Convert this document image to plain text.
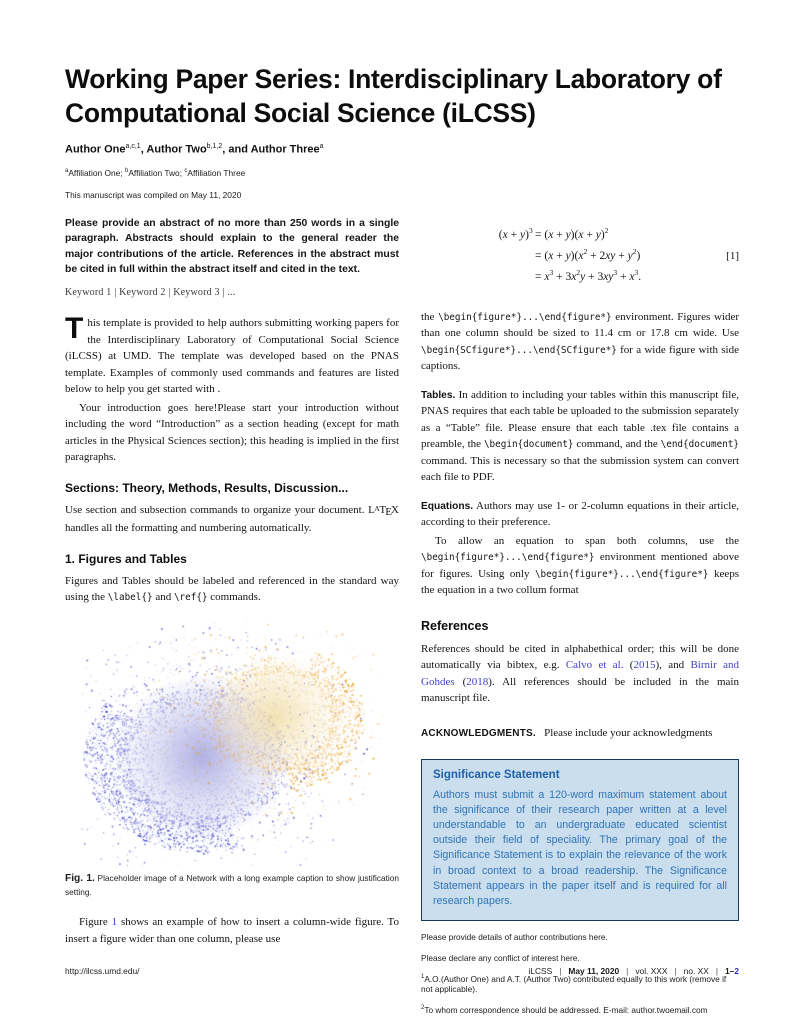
Working Paper Series: Interdisciplinary Laboratory of Computational Social Science (iLCSS)
Author One$^{a,c,1}$, Author Two$^{b,1,2}$, and Author Three$^a$
$^a$Affiliation One; $^b$Affiliation Two; $^c$Affiliation Three
This manuscript was compiled on May 11, 2020
Please provide an abstract of no more than 250 words in a single paragraph. Abstracts should explain to the general reader the major contributions of the article. References in the abstract must be cited in full within the abstract itself and cited in the text.
Keyword 1 | Keyword 2 | Keyword 3 | ...

This template is provided to help authors submitting working papers for the Interdisciplinary Laboratory of Computational Social Science (iLCSS) at UMD. The template was developed based on the PNAS template. Examples of commonly used commands and features are listed below to help you get started with .

Your introduction goes here!Please start your introduction without including the word “Introduction” as a section heading (except for math articles in the Physical Sciences section); this heading is implied in the first paragraphs.

Sections: Theory, Methods, Results, Discussion...

Use section and subsection commands to organize your document. LATEX handles all the formatting and numbering automatically.

1. Figures and Tables

Figures and Tables should be labeled and referenced in the standard way using the \label{} and \ref{} commands.

Fig. 1. Placeholder image of a Network with a long example caption to show justification setting.

Figure 1 shows an example of how to insert a column-wide figure. To insert a figure wider than one column, please use

$(x + y)^3 = (x + y)(x + y)^2$
= $(x + y)(x^2 + 2xy + y^2)$
= $x^3 + 3x^2y + 3xy^3 + x^3$.
[1]

the \begin{figure*}...\end{figure*} environment. Figures wider than one column should be sized to 11.4 cm or 17.8 cm wide. Use \begin{SCfigure*}...\end{SCfigure*} for a wide figure with side captions.

Tables. In addition to including your tables within this manuscript file, PNAS requires that each table be uploaded to the submission separately as a “Table” file. Please ensure that each table .tex file contains a preamble, the \begin{document} command, and the \end{document} command. This is necessary so that the submission system can convert each file to PDF.

Equations. Authors may use 1- or 2-column equations in their article, according to their preference.

To allow an equation to span both columns, use the \begin{figure*}...\end{figure*} environment mentioned above for figures. Using only \begin{figure*}...\end{figure*} keeps the equation in a two collum format

References

References should be cited in alphabethical order; this will be done automatically via bibtex, e.g. Calvo et al. (2015), and Birnir and Gohdes (2018). All references should be included in the main manuscript file.

ACKNOWLEDGMENTS.  Please include your acknowledgments

Significance Statement
Authors must submit a 120-word maximum statement about the significance of their research paper written at a level understandable to an undergraduate educated scientist outside their field of speciality. The primary goal of the Significance Statement is to explain the relevance of the work in broad context to a broad readership. The Significance Statement appears in the paper itself and is required for all research papers.
Please provide details of author contributions here.
Please declare any conflict of interest here.
$^1$A.O.(Author One) and A.T. (Author Two) contributed equally to this work (remove if not applicable).
$^2$To whom correspondence should be addressed. E-mail: author.twoemail.com
http://ilcss.umd.edu/	iLCSS | May 11, 2020 | vol. XXX | no. XX | 1–2
